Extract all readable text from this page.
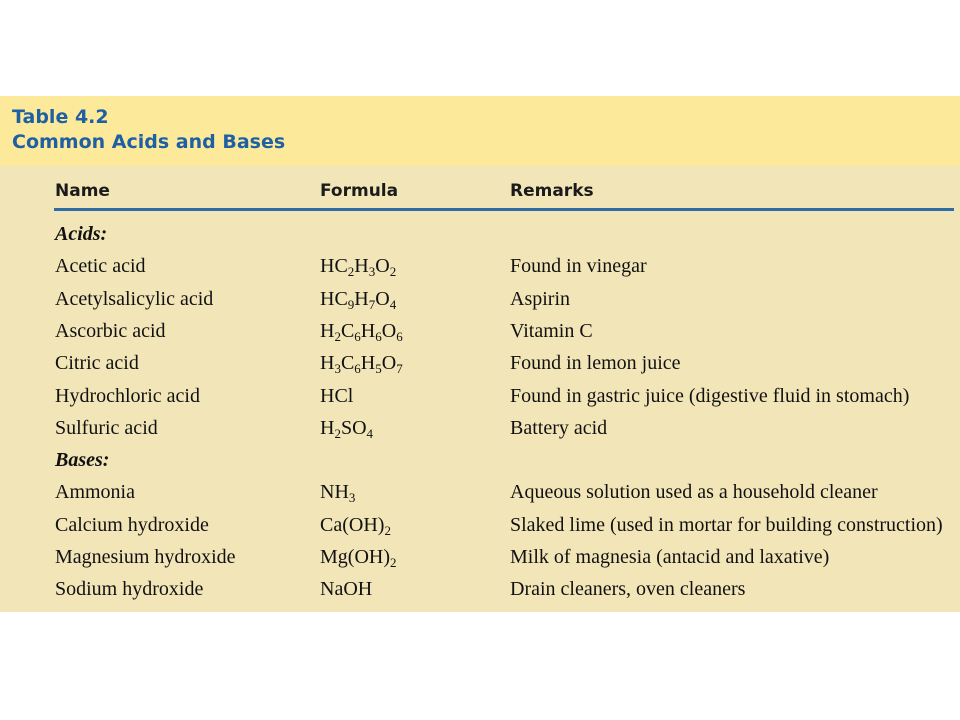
Table 4.2
Common Acids and Bases
Name	Formula	Remarks
Acids:
Acetic acid	$HC_2H_3O_2$	Found in vinegar
Acetylsalicylic acid	$HC_9H_7O_4$	Aspirin
Ascorbic acid	$H_2C_6H_6O_6$	Vitamin C
Citric acid	$H_3C_6H_5O_7$	Found in lemon juice
Hydrochloric acid	HCl	Found in gastric juice (digestive fluid in stomach)
Sulfuric acid	$H_2SO_4$	Battery acid
Bases:
Ammonia	$NH_3$	Aqueous solution used as a household cleaner
Calcium hydroxide	$Ca(OH)_2$	Slaked lime (used in mortar for building construction)
Magnesium hydroxide	$Mg(OH)_2$	Milk of magnesia (antacid and laxative)
Sodium hydroxide	NaOH	Drain cleaners, oven cleaners
